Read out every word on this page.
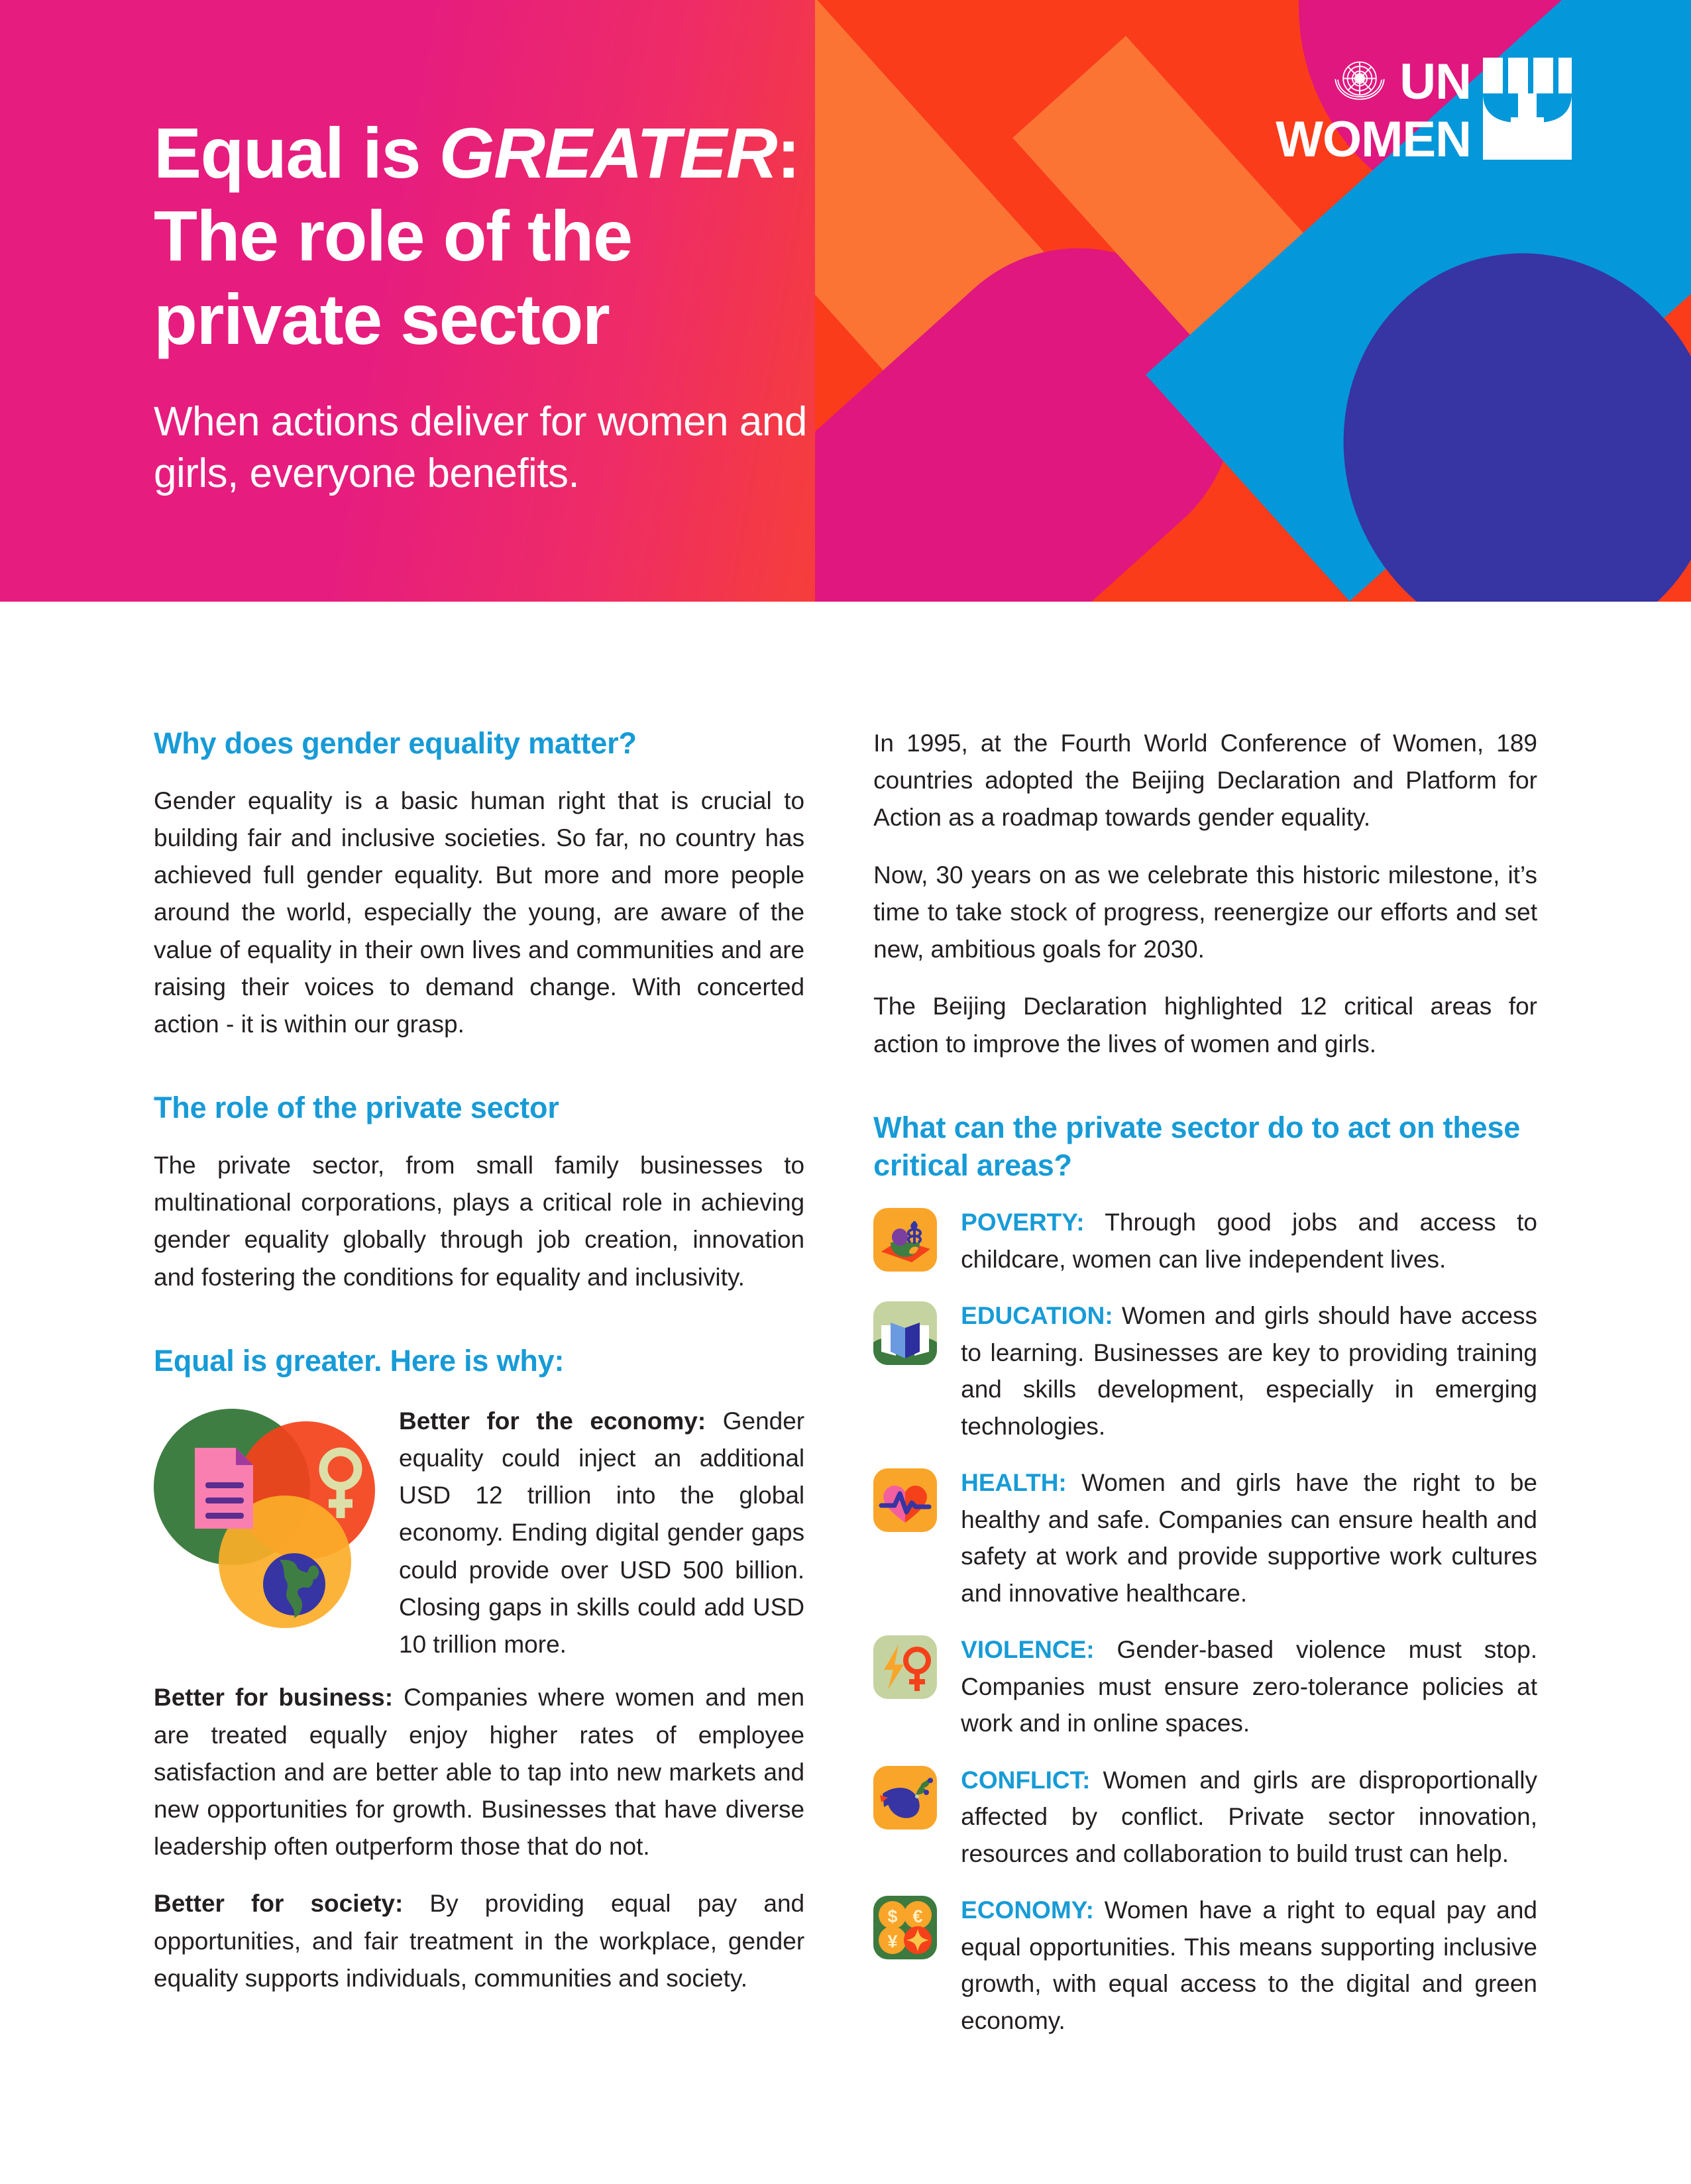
Equal is GREATER:
The role of the
private sector
When actions deliver for women and girls, everyone benefits.
UN
WOMEN
Why does gender equality matter?

Gender equality is a basic human right that is crucial to building fair and inclusive societies. So far, no country has achieved full gender equality. But more and more people around the world, especially the young, are aware of the value of equality in their own lives and communities and are raising their voices to demand change. With concerted action - it is within our grasp.

The role of the private sector

The private sector, from small family businesses to multinational corporations, plays a critical role in achieving gender equality globally through job creation, innovation and fostering the conditions for equality and inclusivity.

Equal is greater. Here is why:
Better for the economy: Gender equality could inject an additional USD 12 trillion into the global economy. Ending digital gender gaps could provide over USD 500 billion. Closing gaps in skills could add USD 10 trillion more.

Better for business: Companies where women and men are treated equally enjoy higher rates of employee satisfaction and are better able to tap into new markets and new opportunities for growth. Businesses that have diverse leadership often outperform those that do not.

Better for society: By providing equal pay and opportunities, and fair treatment in the workplace, gender equality supports individuals, communities and society.

In 1995, at the Fourth World Conference of Women, 189 countries adopted the Beijing Declaration and Platform for Action as a roadmap towards gender equality.

Now, 30 years on as we celebrate this historic milestone, it’s time to take stock of progress, reenergize our efforts and set new, ambitious goals for 2030.

The Beijing Declaration highlighted 12 critical areas for action to improve the lives of women and girls.

What can the private sector do to act on these critical areas?
POVERTY: Through good jobs and access to childcare, women can live independent lives.
EDUCATION: Women and girls should have access to learning. Businesses are key to providing training and skills development, especially in emerging technologies.
HEALTH: Women and girls have the right to be healthy and safe. Companies can ensure health and safety at work and provide supportive work cultures and innovative healthcare.
VIOLENCE: Gender-based violence must stop. Companies must ensure zero-tolerance policies at work and in online spaces.
CONFLICT: Women and girls are disproportionally affected by conflict. Private sector innovation, resources and collaboration to build trust can help.
$ €
¥
ECONOMY: Women have a right to equal pay and equal opportunities. This means supporting inclusive growth, with equal access to the digital and green economy.
